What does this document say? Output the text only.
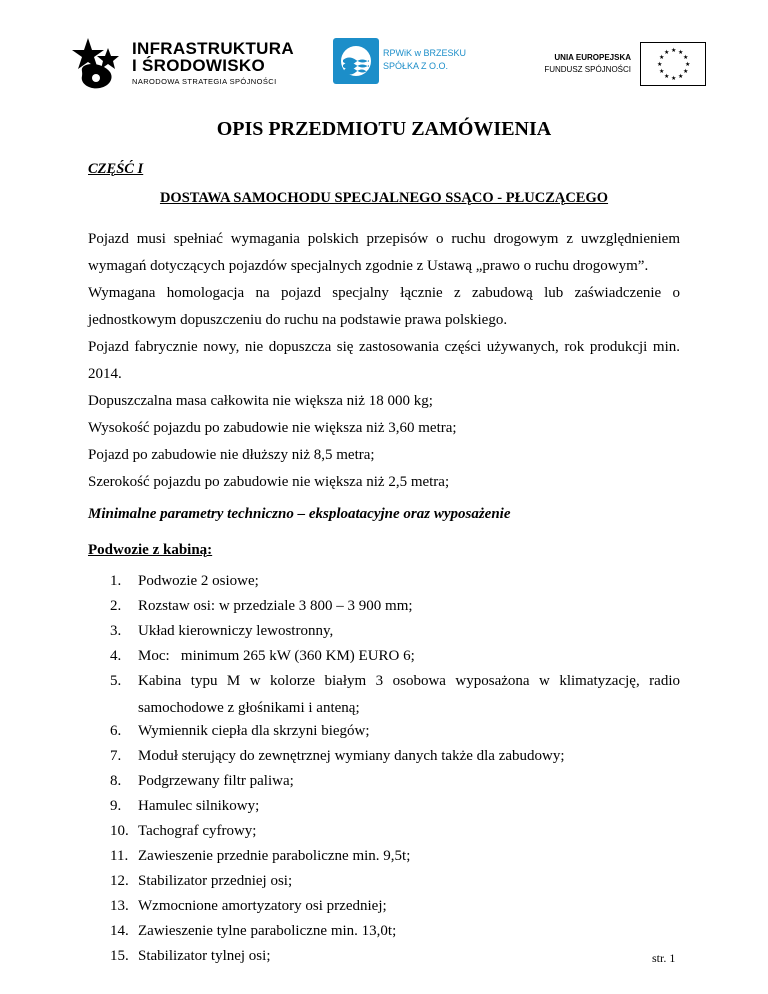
INFRASTRUKTURA
I ŚRODOWISKO
NARODOWA STRATEGIA SPÓJNOŚCI
RPWiK w BRZESKU
SPÓŁKA Z O.O.
UNIA EUROPEJSKA
FUNDUSZ SPÓJNOŚCI
★ ★
★
★
★
★
★
★
★
★
★
★
OPIS PRZEDMIOTU ZAMÓWIENIA
CZĘŚĆ I
DOSTAWA SAMOCHODU SPECJALNEGO SSĄCO - PŁUCZĄCEGO
Pojazd musi spełniać wymagania polskich przepisów o ruchu drogowym z uwzględnieniem wymagań dotyczących pojazdów specjalnych zgodnie z Ustawą „prawo o ruchu drogowym”.
Wymagana homologacja na pojazd specjalny łącznie z zabudową lub zaświadczenie o jednostkowym dopuszczeniu do ruchu na podstawie prawa polskiego.
Pojazd fabrycznie nowy, nie dopuszcza się zastosowania części używanych, rok produkcji min. 2014.
Dopuszczalna masa całkowita nie większa niż 18 000 kg;
Wysokość pojazdu po zabudowie nie większa niż 3,60 metra;
Pojazd po zabudowie nie dłuższy niż 8,5 metra;
Szerokość pojazdu po zabudowie nie większa niż 2,5 metra;
Minimalne parametry techniczno – eksploatacyjne oraz wyposażenie
Podwozie z kabiną:
1. Podwozie 2 osiowe;
2. Rozstaw osi: w przedziale 3 800 – 3 900 mm;
3. Układ kierowniczy lewostronny,
4. Moc:   minimum 265 kW (360 KM) EURO 6;
5. Kabina typu M w kolorze białym 3 osobowa wyposażona w klimatyzację, radio samochodowe z głośnikami i anteną;
6. Wymiennik ciepła dla skrzyni biegów;
7. Moduł sterujący do zewnętrznej wymiany danych także dla zabudowy;
8. Podgrzewany filtr paliwa;
9. Hamulec silnikowy;
10. Tachograf cyfrowy;
11. Zawieszenie przednie paraboliczne min. 9,5t;
12. Stabilizator przedniej osi;
13. Wzmocnione amortyzatory osi przedniej;
14. Zawieszenie tylne paraboliczne min. 13,0t;
15. Stabilizator tylnej osi;	str. 1
